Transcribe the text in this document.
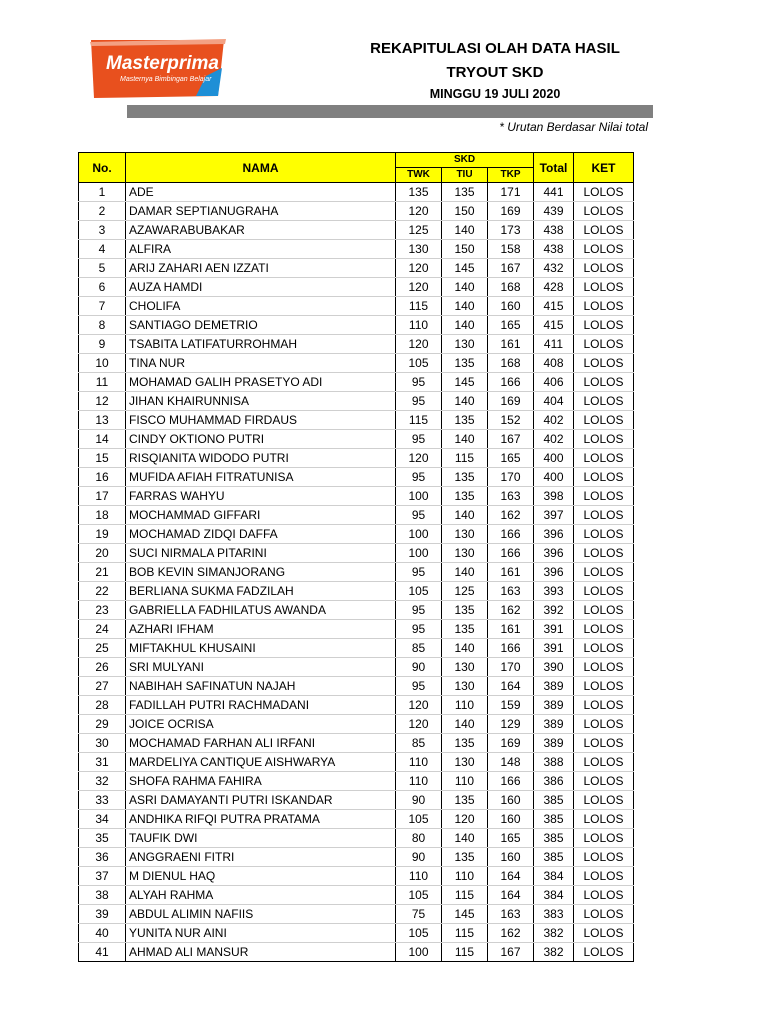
Masterprima
Masternya Bimbingan Belajar
REKAPITULASI OLAH DATA HASIL
TRYOUT SKD
MINGGU 19 JULI 2020
* Urutan Berdasar Nilai total
No.	NAMA	SKD			Total	KET
		TWK	TIU	TKP		
1	ADE	135	135	171	441	LOLOS
2	DAMAR SEPTIANUGRAHA	120	150	169	439	LOLOS
3	AZAWARABUBAKAR	125	140	173	438	LOLOS
4	ALFIRA	130	150	158	438	LOLOS
5	ARIJ ZAHARI AEN IZZATI	120	145	167	432	LOLOS
6	AUZA HAMDI	120	140	168	428	LOLOS
7	CHOLIFA	115	140	160	415	LOLOS
8	SANTIAGO DEMETRIO	110	140	165	415	LOLOS
9	TSABITA LATIFATURROHMAH	120	130	161	411	LOLOS
10	TINA NUR	105	135	168	408	LOLOS
11	MOHAMAD GALIH PRASETYO ADI	95	145	166	406	LOLOS
12	JIHAN KHAIRUNNISA	95	140	169	404	LOLOS
13	FISCO MUHAMMAD FIRDAUS	115	135	152	402	LOLOS
14	CINDY OKTIONO PUTRI	95	140	167	402	LOLOS
15	RISQIANITA WIDODO PUTRI	120	115	165	400	LOLOS
16	MUFIDA AFIAH FITRATUNISA	95	135	170	400	LOLOS
17	FARRAS WAHYU	100	135	163	398	LOLOS
18	MOCHAMMAD GIFFARI	95	140	162	397	LOLOS
19	MOCHAMAD ZIDQI DAFFA	100	130	166	396	LOLOS
20	SUCI NIRMALA PITARINI	100	130	166	396	LOLOS
21	BOB KEVIN SIMANJORANG	95	140	161	396	LOLOS
22	BERLIANA SUKMA FADZILAH	105	125	163	393	LOLOS
23	GABRIELLA FADHILATUS AWANDA	95	135	162	392	LOLOS
24	AZHARI IFHAM	95	135	161	391	LOLOS
25	MIFTAKHUL KHUSAINI	85	140	166	391	LOLOS
26	SRI MULYANI	90	130	170	390	LOLOS
27	NABIHAH SAFINATUN NAJAH	95	130	164	389	LOLOS
28	FADILLAH PUTRI RACHMADANI	120	110	159	389	LOLOS
29	JOICE OCRISA	120	140	129	389	LOLOS
30	MOCHAMAD FARHAN ALI IRFANI	85	135	169	389	LOLOS
31	MARDELIYA CANTIQUE AISHWARYA	110	130	148	388	LOLOS
32	SHOFA RAHMA FAHIRA	110	110	166	386	LOLOS
33	ASRI DAMAYANTI PUTRI ISKANDAR	90	135	160	385	LOLOS
34	ANDHIKA RIFQI PUTRA PRATAMA	105	120	160	385	LOLOS
35	TAUFIK DWI	80	140	165	385	LOLOS
36	ANGGRAENI FITRI	90	135	160	385	LOLOS
37	M DIENUL HAQ	110	110	164	384	LOLOS
38	ALYAH RAHMA	105	115	164	384	LOLOS
39	ABDUL ALIMIN NAFIIS	75	145	163	383	LOLOS
40	YUNITA NUR AINI	105	115	162	382	LOLOS
41	AHMAD ALI MANSUR	100	115	167	382	LOLOS
